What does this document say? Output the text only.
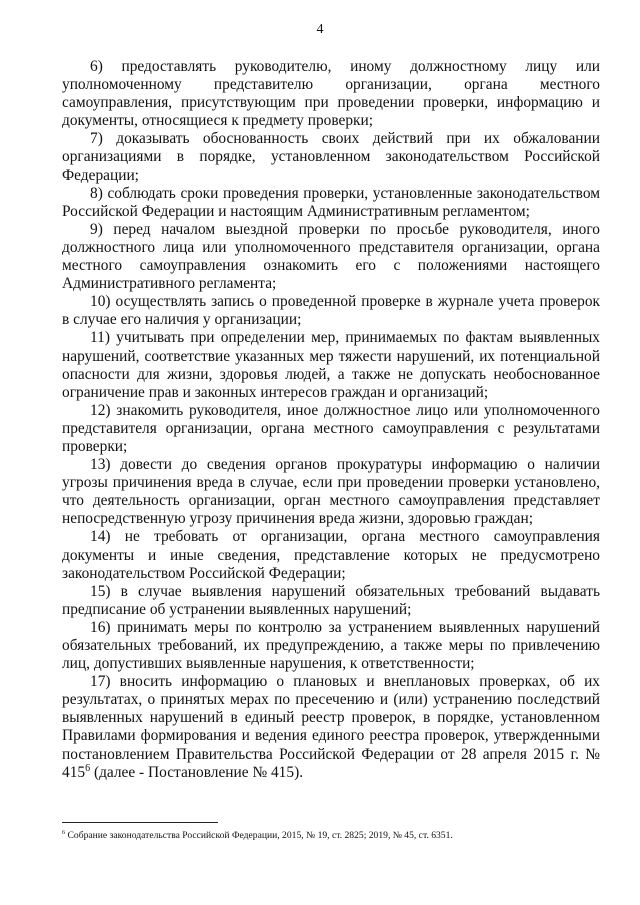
4

6) предоставлять руководителю, иному должностному лицу или уполномоченному представителю организации, органа местного самоуправления, присутствующим при проведении проверки, информацию и документы, относящиеся к предмету проверки;

7) доказывать обоснованность своих действий при их обжаловании организациями в порядке, установленном законодательством Российской Федерации;

8) соблюдать сроки проведения проверки, установленные законодательством Российской Федерации и настоящим Административным регламентом;

9) перед началом выездной проверки по просьбе руководителя, иного должностного лица или уполномоченного представителя организации, органа местного самоуправления ознакомить его с положениями настоящего Административного регламента;

10) осуществлять запись о проведенной проверке в журнале учета проверок в случае его наличия у организации;

11) учитывать при определении мер, принимаемых по фактам выявленных нарушений, соответствие указанных мер тяжести нарушений, их потенциальной опасности для жизни, здоровья людей, а также не допускать необоснованное ограничение прав и законных интересов граждан и организаций;

12) знакомить руководителя, иное должностное лицо или уполномоченного представителя организации, органа местного самоуправления с результатами проверки;

13) довести до сведения органов прокуратуры информацию о наличии угрозы причинения вреда в случае, если при проведении проверки установлено, что деятельность организации, орган местного самоуправления представляет непосредственную угрозу причинения вреда жизни, здоровью граждан;

14) не требовать от организации, органа местного самоуправления документы и иные сведения, представление которых не предусмотрено законодательством Российской Федерации;

15) в случае выявления нарушений обязательных требований выдавать предписание об устранении выявленных нарушений;

16) принимать меры по контролю за устранением выявленных нарушений обязательных требований, их предупреждению, а также меры по привлечению лиц, допустивших выявленные нарушения, к ответственности;

17) вносить информацию о плановых и внеплановых проверках, об их результатах, о принятых мерах по пресечению и (или) устранению последствий выявленных нарушений в единый реестр проверок, в порядке, установленном Правилами формирования и ведения единого реестра проверок, утвержденными постановлением Правительства Российской Федерации от 28 апреля 2015 г. № $415^6$ (далее - Постановление № 415).

$^6$ Собрание законодательства Российской Федерации, 2015, № 19, ст. 2825; 2019, № 45, ст. 6351.
